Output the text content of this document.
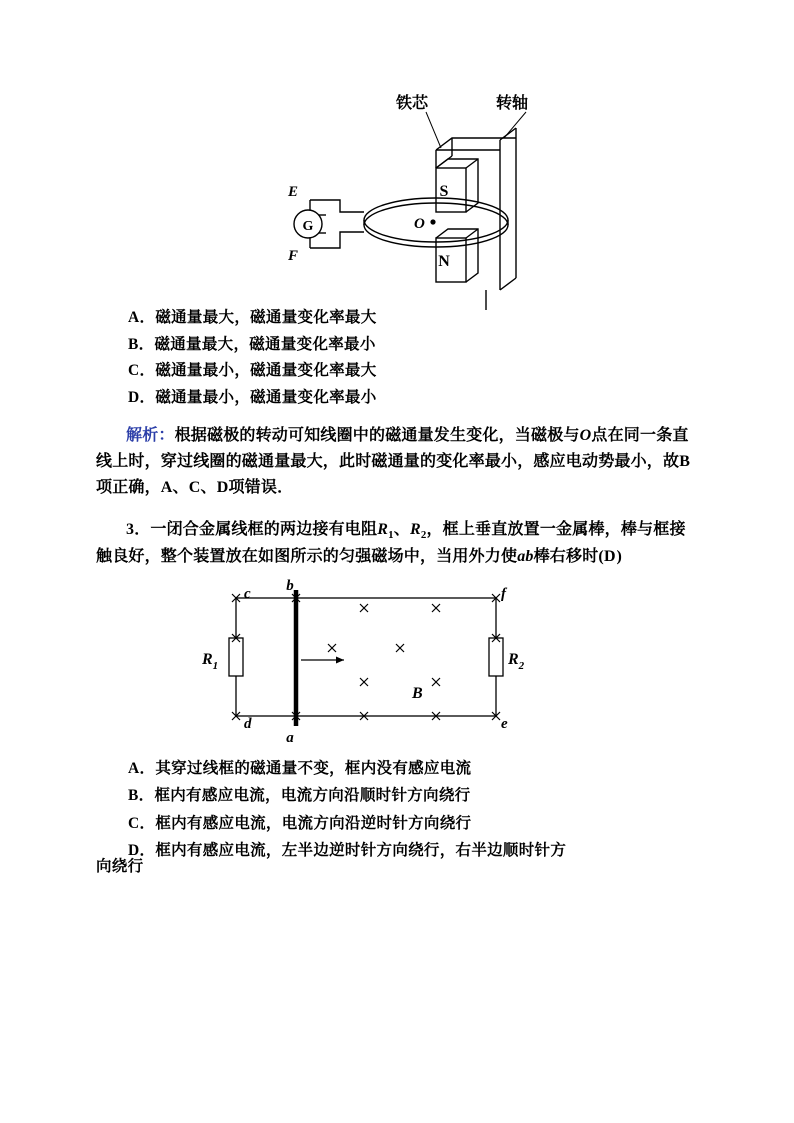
铁芯	转轴
S
N
O
E
F
G
A．磁通量最大，磁通量变化率最大
B．磁通量最大，磁通量变化率最小
C．磁通量最小，磁通量变化率最大
D．磁通量最小，磁通量变化率最小
解析：根据磁极的转动可知线圈中的磁通量发生变化，当磁极与O点在同一条直线上时，穿过线圈的磁通量最大，此时磁通量的变化率最小，感应电动势最小，故B项正确，A、C、D项错误．
3．一闭合金属线框的两边接有电阻$R_1$、$R_2$，框上垂直放置一金属棒，棒与框接触良好，整个装置放在如图所示的匀强磁场中，当用外力使ab棒右移时(D)
b
a
c
d
f
e
$R_1$	$R_2$
B
A．其穿过线框的磁通量不变，框内没有感应电流
B．框内有感应电流，电流方向沿顺时针方向绕行
C．框内有感应电流，电流方向沿逆时针方向绕行
D．框内有感应电流，左半边逆时针方向绕行，右半边顺时针方
向绕行
